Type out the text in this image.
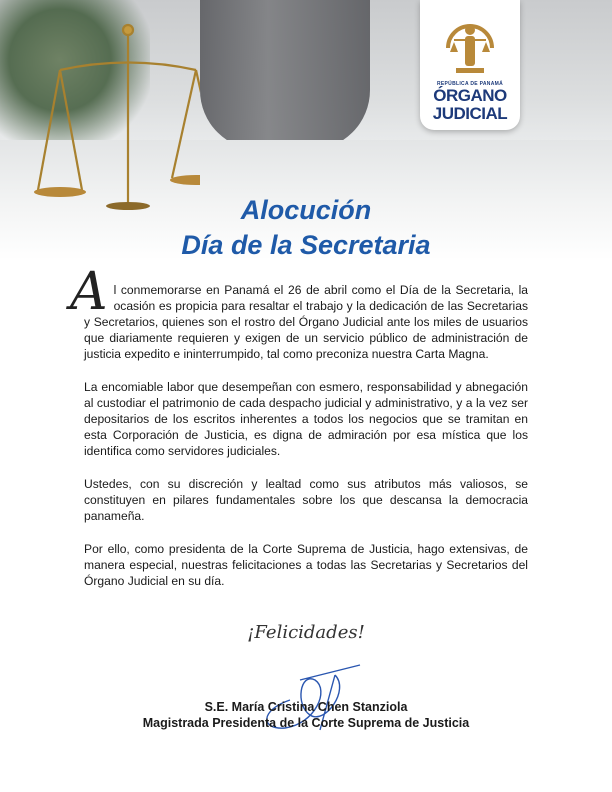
REPÚBLICA DE PANAMÁ
ÓRGANO
JUDICIAL
Alocución
Día de la Secretaria

Al conmemorarse en Panamá el 26 de abril como el Día de la Secretaria, la ocasión es propicia para resaltar el trabajo y la dedicación de las Secretarias y Secretarios, quienes son el rostro del Órgano Judicial ante los miles de usuarios que diariamente requieren y exigen de un servicio público de administración de justicia expedito e ininterrumpido, tal como preconiza nuestra Carta Magna.

La encomiable labor que desempeñan con esmero, responsabilidad y abnegación al custodiar el patrimonio de cada despacho judicial y administrativo, y a la vez ser depositarios de los escritos inherentes a todos los negocios que se tramitan en esta Corporación de Justicia, es digna de admiración por esa mística que los identifica como servidores judiciales.

Ustedes, con su discreción y lealtad como sus atributos más valiosos, se constituyen en pilares fundamentales sobre los que descansa la democracia panameña.

Por ello, como presidenta de la Corte Suprema de Justicia, hago extensivas, de manera especial, nuestras felicitaciones a todas las Secretarias y Secretarios del Órgano Judicial en su día.

¡Felicidades!
S.E. María Cristina Chen Stanziola
Magistrada Presidenta de la Corte Suprema de Justicia
